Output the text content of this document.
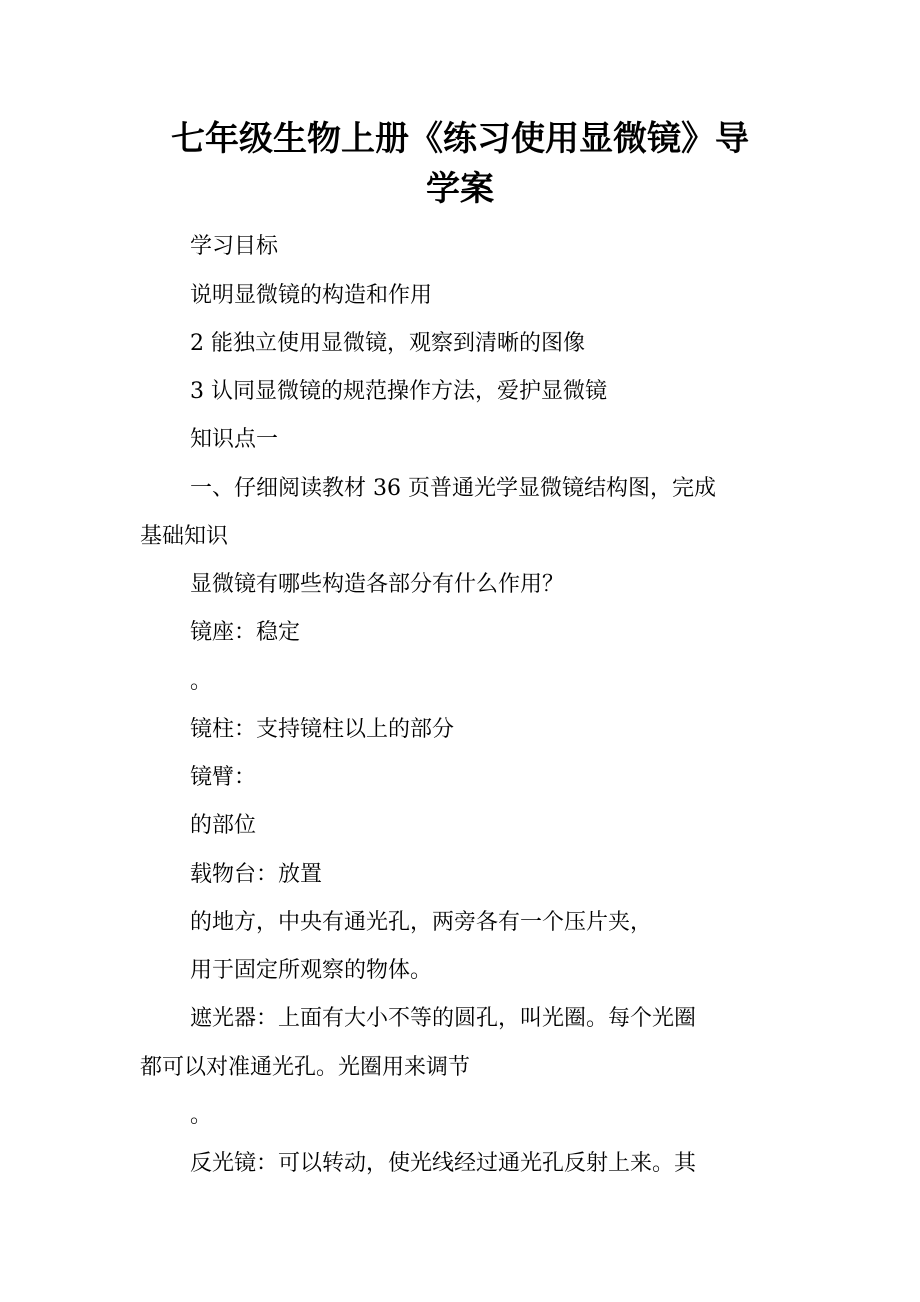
七年级生物上册《练习使用显微镜》导
学案

学习目标

说明显微镜的构造和作用

2 能独立使用显微镜，观察到清晰的图像

3 认同显微镜的规范操作方法，爱护显微镜

知识点一

一、仔细阅读教材 36 页普通光学显微镜结构图，完成

基础知识

显微镜有哪些构造各部分有什么作用？

镜座：稳定

。

镜柱：支持镜柱以上的部分

镜臂：

的部位

载物台：放置

的地方，中央有通光孔，两旁各有一个压片夹，

用于固定所观察的物体。

遮光器：上面有大小不等的圆孔，叫光圈。每个光圈

都可以对准通光孔。光圈用来调节

。

反光镜：可以转动，使光线经过通光孔反射上来。其
